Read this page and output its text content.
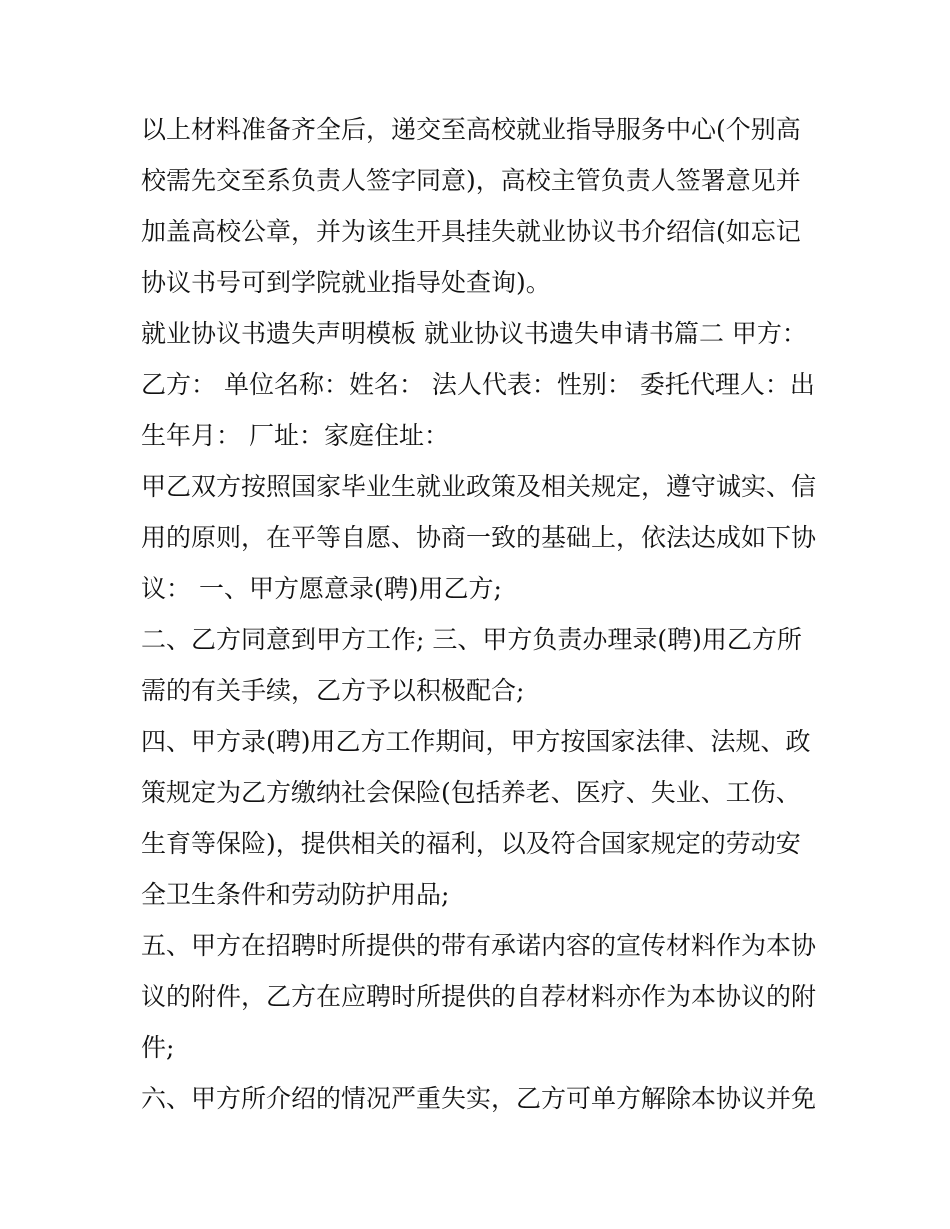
以上材料准备齐全后，递交至高校就业指导服务中心(个别高

校需先交至系负责人签字同意)，高校主管负责人签署意见并

加盖高校公章，并为该生开具挂失就业协议书介绍信(如忘记

协议书号可到学院就业指导处查询)。

就业协议书遗失声明模板 就业协议书遗失申请书篇二 甲方：

乙方： 单位名称：姓名： 法人代表：性别： 委托代理人：出

生年月： 厂址：家庭住址：

甲乙双方按照国家毕业生就业政策及相关规定，遵守诚实、信

用的原则，在平等自愿、协商一致的基础上，依法达成如下协

议： 一、甲方愿意录(聘)用乙方;

二、乙方同意到甲方工作; 三、甲方负责办理录(聘)用乙方所

需的有关手续，乙方予以积极配合;

四、甲方录(聘)用乙方工作期间，甲方按国家法律、法规、政

策规定为乙方缴纳社会保险(包括养老、医疗、失业、工伤、

生育等保险)，提供相关的福利，以及符合国家规定的劳动安

全卫生条件和劳动防护用品;

五、甲方在招聘时所提供的带有承诺内容的宣传材料作为本协

议的附件，乙方在应聘时所提供的自荐材料亦作为本协议的附

件;

六、甲方所介绍的情况严重失实，乙方可单方解除本协议并免
